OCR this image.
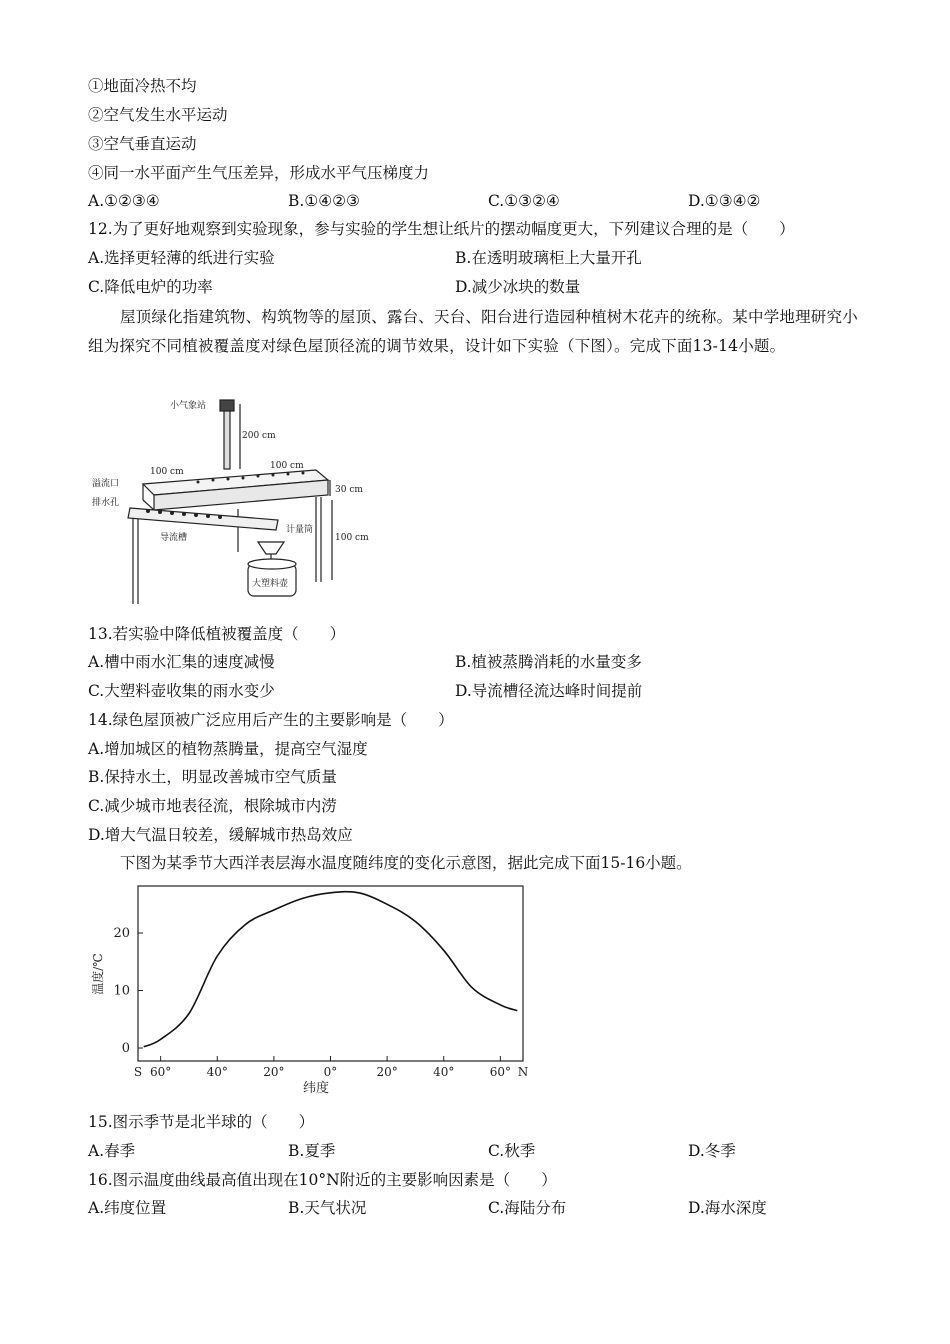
①地面冷热不均
②空气发生水平运动
③空气垂直运动
④同一水平面产生气压差异，形成水平气压梯度力
A.①②③④	B.①④②③	C.①③②④	D.①③④②
12.为了更好地观察到实验现象，参与实验的学生想让纸片的摆动幅度更大，下列建议合理的是（　　）
A.选择更轻薄的纸进行实验	B.在透明玻璃柜上大量开孔
C.降低电炉的功率	D.减少冰块的数量
屋顶绿化指建筑物、构筑物等的屋顶、露台、天台、阳台进行造园种植树木花卉的统称。某中学地理研究小组为探究不同植被覆盖度对绿色屋顶径流的调节效果，设计如下实验（下图）。完成下面13-14小题。
小气象站
200 cm
100 cm
100 cm
30 cm
100 cm
溢流口
排水孔
导流槽
计量筒
大塑料壶
13.若实验中降低植被覆盖度（　　）
A.槽中雨水汇集的速度减慢	B.植被蒸腾消耗的水量变多
C.大塑料壶收集的雨水变少	D.导流槽径流达峰时间提前
14.绿色屋顶被广泛应用后产生的主要影响是（　　）
A.增加城区的植物蒸腾量，提高空气湿度
B.保持水土，明显改善城市空气质量
C.减少城市地表径流，根除城市内涝
D.增大气温日较差，缓解城市热岛效应
下图为某季节大西洋表层海水温度随纬度的变化示意图，据此完成下面15-16小题。
温度/℃
纬度
0
10
20
S 60°	40°	20°	0°	20°	40°	60° N
15.图示季节是北半球的（　　）
A.春季	B.夏季	C.秋季	D.冬季
16.图示温度曲线最高值出现在10°N附近的主要影响因素是（　　）
A.纬度位置	B.天气状况	C.海陆分布	D.海水深度
